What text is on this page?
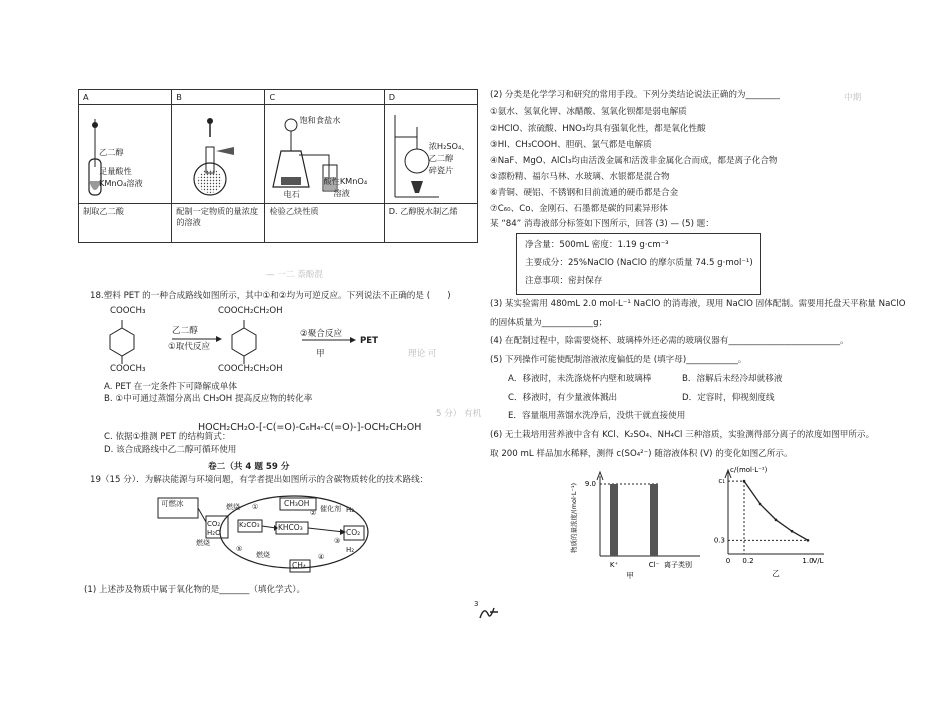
A	B	C	D

乙二醇
足量酸性
KMnO₄溶液		饱和食盐水
电石
酸性KMnO₄
溶液	浓H₂SO₄、
乙二醇
碎瓷片

制取乙二酸	配制一定物质的量浓度的溶液	检验乙炔性质	D. 乙醇脱水制乙烯
— 一二 萘酚混
理论 可
5 分） 有机
中期
18.塑料 PET 的一种合成路线如图所示，其中①和②均为可逆反应。下列说法不正确的是 (　　)
COOCH₃
COOCH₃
乙二醇
①取代反应
COOCH₂CH₂OH
COOCH₂CH₂OH
②聚合反应
PET
甲
A. PET 在一定条件下可降解成单体
B. ①中可通过蒸馏分离出 CH₃OH 提高反应物的转化率
HOCH₂CH₂O-[-C(=O)-C₆H₄-C(=O)-]-OCH₂CH₂OH
C. 依据①推测 PET 的结构简式：
D. 该合成路线中乙二醇可循环使用
卷二（共 4 题 59 分
19（15 分）．为解决能源与环境问题，有学者提出如图所示的含碳物质转化的技术路线：
可燃冰	CH₃OH
CO₂
H₂O
K₂CO₃ KHCO₃
CO₂
CH₄
燃烧	催化剂 H₂
H₂
燃烧
燃烧
①
②
③
④
⑤
(1) 上述涉及物质中属于氧化物的是_______（填化学式）。
(2) 分类是化学学习和研究的常用手段。下列分类结论说法正确的为________
①氨水、氢氧化钾、冰醋酸、氢氧化钡都是弱电解质
②HClO、浓硫酸、HNO₃均具有强氧化性，都是氧化性酸
③HI、CH₃COOH、胆矾、氯气都是电解质
④NaF、MgO、AlCl₃均由活泼金属和活泼非金属化合而成，都是离子化合物
⑤漂粉精、福尔马林、水玻璃、水银都是混合物
⑥青铜、硬铝、不锈钢和目前流通的硬币都是合金
⑦C₆₀、Co、金刚石、石墨都是碳的同素异形体
某 “84” 消毒液部分标签如下图所示，回答 (3) — (5) 题：
净含量：500mL 密度：1.19 g·cm⁻³
主要成分：25%NaClO (NaClO 的摩尔质量 74.5 g·mol⁻¹)
注意事项：密封保存
(3) 某实验需用 480mL 2.0 mol·L⁻¹ NaClO 的消毒液，现用 NaClO 固体配制。需要用托盘天平称量 NaClO
的固体质量为____________g；
(4) 在配制过程中，除需要烧杯、玻璃棒外还必需的玻璃仪器有__________________________。
(5) 下列操作可能使配制溶液浓度偏低的是 (填字母)____________。
A．移液时，未洗涤烧杯内壁和玻璃棒	B．溶解后未经冷却就移液
C．移液时，有少量液体溅出	D．定容时，仰视刻度线
E．容量瓶用蒸馏水洗净后，没烘干就直接使用
(6) 无土栽培用营养液中含有 KCl、K₂SO₄、NH₄Cl 三种溶质，实验测得部分离子的浓度如图甲所示。
取 200 mL 样品加水稀释，测得 c(SO₄²⁻) 随溶液体积 (V) 的变化如图乙所示。
9.0
K⁺	Cl⁻ 离子类别
甲
物质的量浓度/(mol·L⁻¹)
c/(mol·L⁻¹)
c₁
0.3
0 0.2	1.0
V/L
乙
3
